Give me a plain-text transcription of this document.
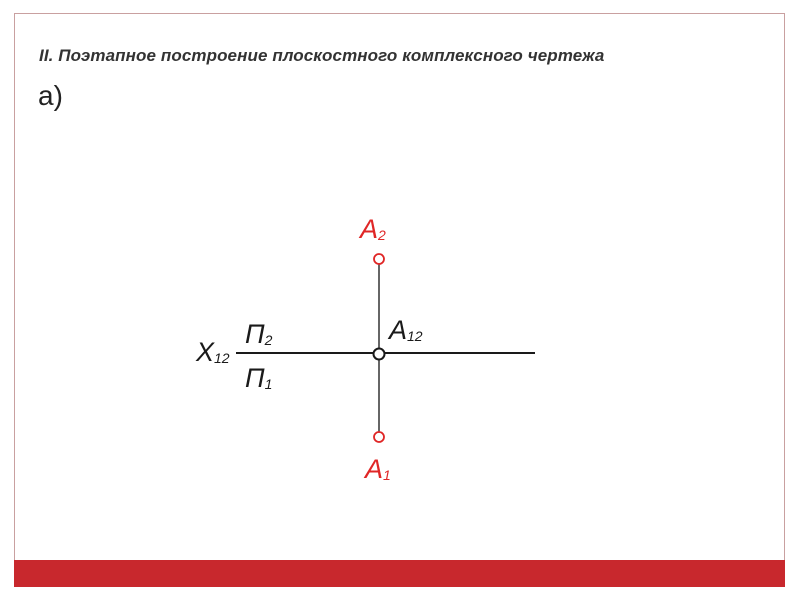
II. Поэтапное построение плоскостного комплексного чертежа
а)
X12
П2
П1
A12
A2
A1
